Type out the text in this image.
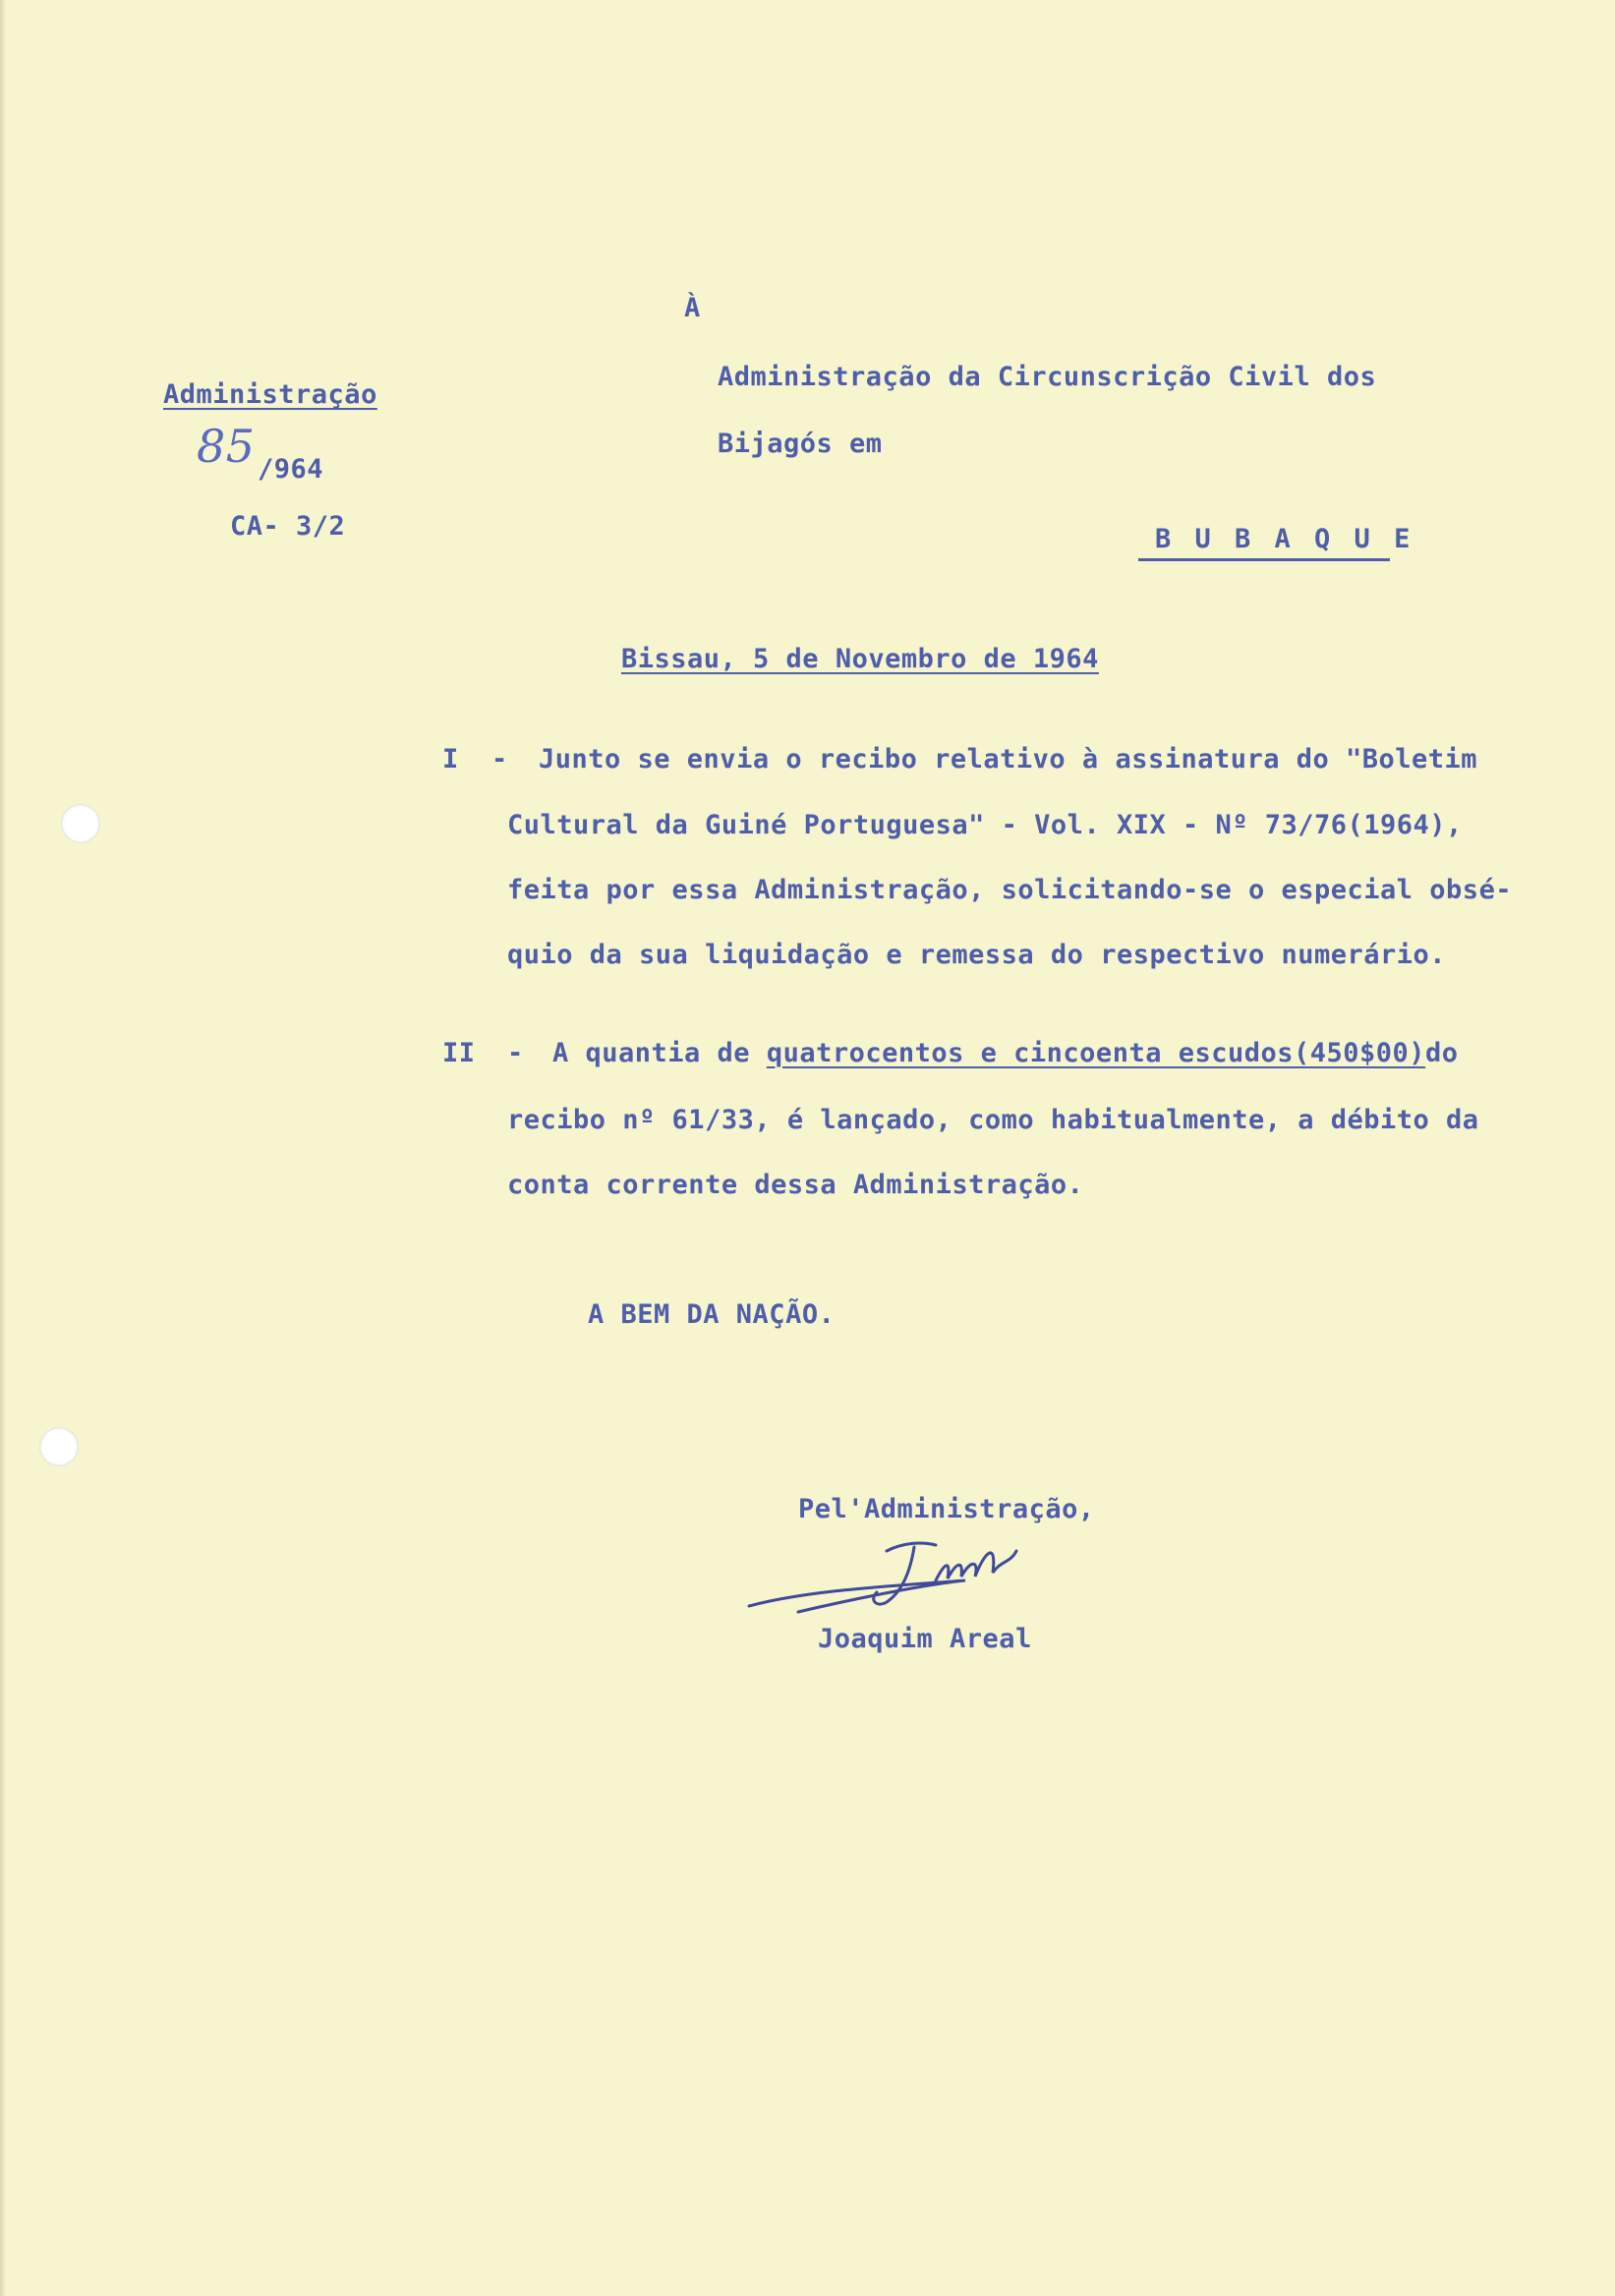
À
Administração da Circunscrição Civil dos
Bijagós em
B U B A Q U E
Administração
85 /964
CA- 3/2
Bissau, 5 de Novembro de 1964
I - Junto se envia o recibo relativo à assinatura do "Boletim
Cultural da Guiné Portuguesa" - Vol. XIX - Nº 73/76(1964),
feita por essa Administração, solicitando-se o especial obsé-
quio da sua liquidação e remessa do respectivo numerário.
II - A quantia de quatrocentos e cincoenta escudos(450$00)do
recibo nº 61/33, é lançado, como habitualmente, a débito da
conta corrente dessa Administração.
A BEM DA NAÇÃO.
Pel'Administração,
Joaquim Areal
